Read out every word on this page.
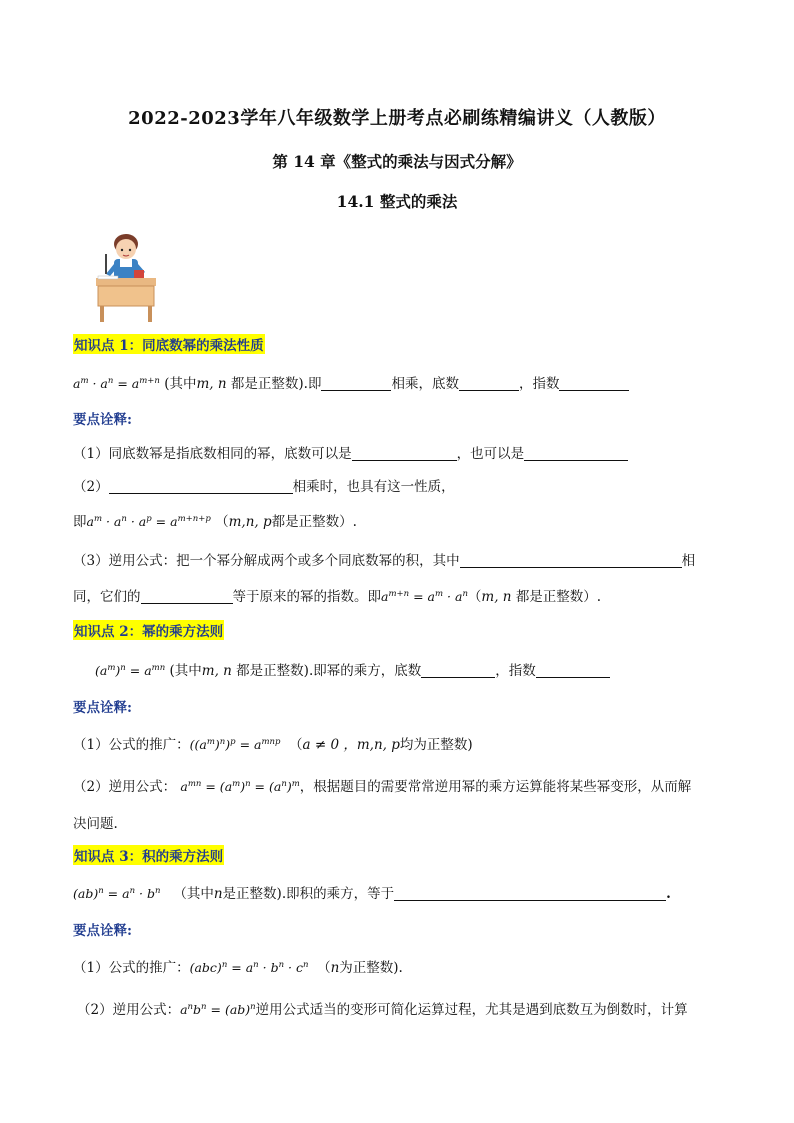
2022-2023学年八年级数学上册考点必刷练精编讲义（人教版）
第 14 章《整式的乘法与因式分解》
14.1 整式的乘法
知识点 1：同底数幂的乘法性质
$a^m \cdot a^n = a^{m+n}$ (其中m, n 都是正整数).即	相乘，底数	，指数
要点诠释:
（1）同底数幂是指底数相同的幂，底数可以是	，也可以是
（2）	相乘时，也具有这一性质，
即$a^m \cdot a^n \cdot a^p = a^{m+n+p}$ （m,n, p都是正整数）.
（3）逆用公式：把一个幂分解成两个或多个同底数幂的积，其中	相
同，它们的	等于原来的幂的指数。即$a^{m+n} = a^m \cdot a^n(m$, n 都是正整数）.
知识点 2：幂的乘方法则
$(a^m)^n = a^{mn}$ (其中m, n 都是正整数).即幂的乘方，底数	，指数
要点诠释:
（1）公式的推广：$((a^m)^n)^p = a^{mnp}$ （a ≠ 0 ，m,n, p均为正整数)
（2）逆用公式： $a^{mn} = (a^m)^n = (a^n)^m$，根据题目的需要常常逆用幂的乘方运算能将某些幂变形，从而解
决问题.
知识点 3：积的乘方法则
$(ab)^n = a^n \cdot b^n$ （其中n是正整数).即积的乘方，等于	.
要点诠释:
（1）公式的推广：$(abc)^n = a^n \cdot b^n \cdot c^n$ （n为正整数).
（2）逆用公式：$a^nb^n = (ab)^n$逆用公式适当的变形可简化运算过程，尤其是遇到底数互为倒数时，计算
